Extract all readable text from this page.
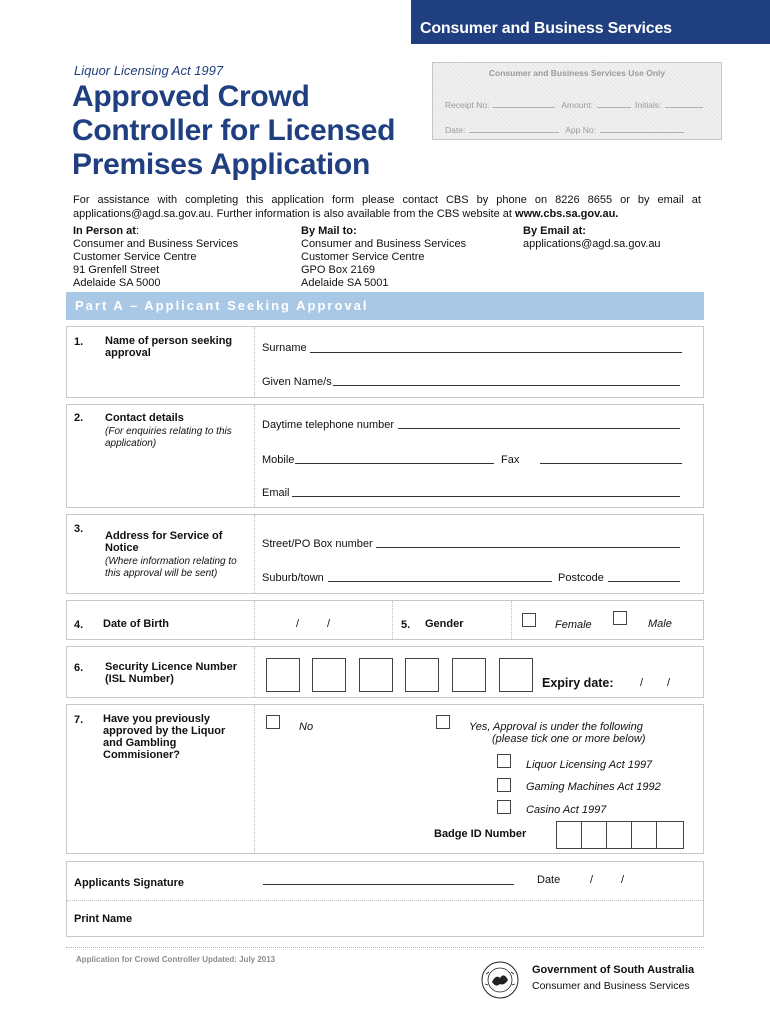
Consumer and Business Services
Liquor Licensing Act 1997
Approved Crowd
Controller for Licensed
Premises Application
Consumer and Business Services Use Only
Receipt No:	Amount:	Initials:
Date:	App No:
For assistance with completing this application form please contact CBS by phone on 8226 8655 or by email at applications@agd.sa.gov.au. Further information is also available from the CBS website at www.cbs.sa.gov.au.
In Person at:
Consumer and Business Services
Customer Service Centre
91 Grenfell Street
Adelaide SA 5000
By Mail to:
Consumer and Business Services
Customer Service Centre
GPO Box 2169
Adelaide SA 5001
By Email at:
applications@agd.sa.gov.au
Part A – Applicant Seeking Approval
1. Name of person seeking
approval	Surname
Given Name/s
2. Contact details
(For enquiries relating to this
application)
Daytime telephone number
Mobile	Fax
Email
3.
Address for Service of
Notice
(Where information relating to
this approval will be sent)
Street/PO Box number
Suburb/town	Postcode
4. Date of Birth	/	/	5. Gender	Female	Male
6. Security Licence Number
(ISL Number)	Expiry date: / /
7. Have you previously
approved by the Liquor
and Gambling
Commisioner?
No	Yes, Approval is under the following
(please tick one or more below)
Liquor Licensing Act 1997
Gaming Machines Act 1992
Casino Act 1997
Badge ID Number
Applicants Signature	Date	/	/
Print Name
Application for Crowd Controller Updated: July 2013
Government of South Australia
Consumer and Business Services
